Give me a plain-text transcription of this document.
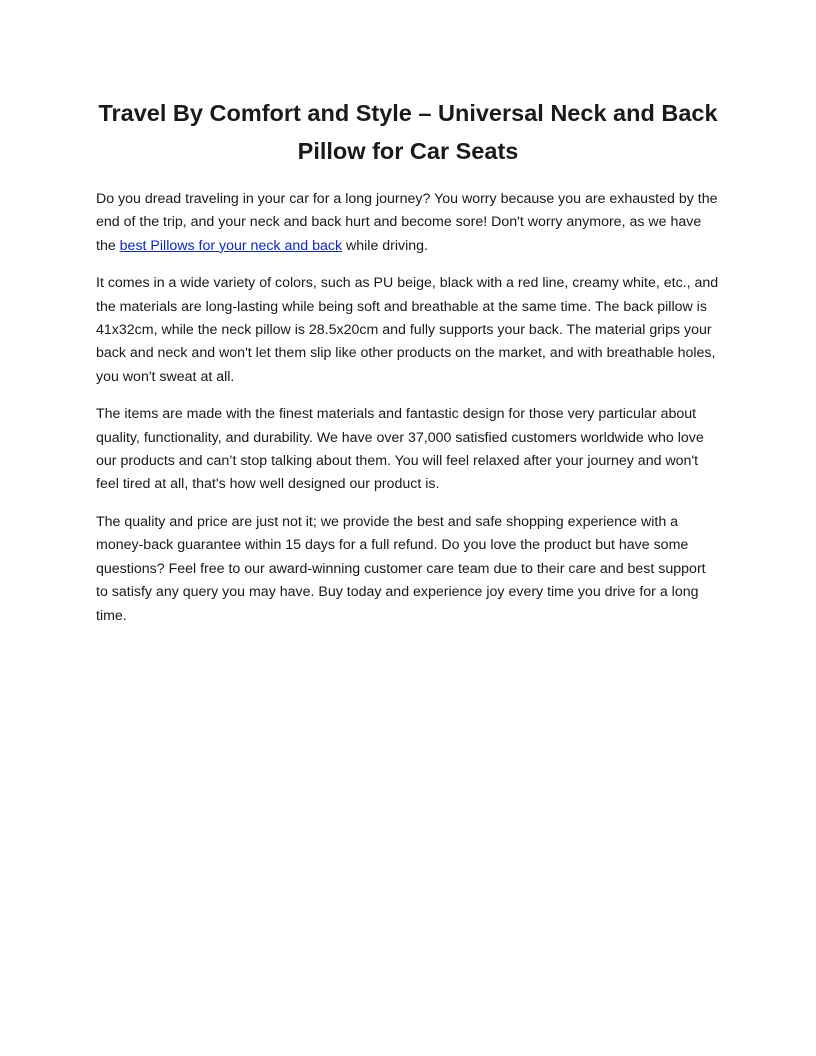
Travel By Comfort and Style – Universal Neck and Back Pillow for Car Seats

Do you dread traveling in your car for a long journey? You worry because you are exhausted by the end of the trip, and your neck and back hurt and become sore! Don't worry anymore, as we have the best Pillows for your neck and back while driving.

It comes in a wide variety of colors, such as PU beige, black with a red line, creamy white, etc., and the materials are long-lasting while being soft and breathable at the same time. The back pillow is 41x32cm, while the neck pillow is 28.5x20cm and fully supports your back. The material grips your back and neck and won't let them slip like other products on the market, and with breathable holes, you won't sweat at all.

The items are made with the finest materials and fantastic design for those very particular about quality, functionality, and durability. We have over 37,000 satisfied customers worldwide who love our products and can’t stop talking about them. You will feel relaxed after your journey and won't feel tired at all, that's how well designed our product is.

The quality and price are just not it; we provide the best and safe shopping experience with a money-back guarantee within 15 days for a full refund. Do you love the product but have some questions? Feel free to our award-winning customer care team due to their care and best support to satisfy any query you may have. Buy today and experience joy every time you drive for a long time.
